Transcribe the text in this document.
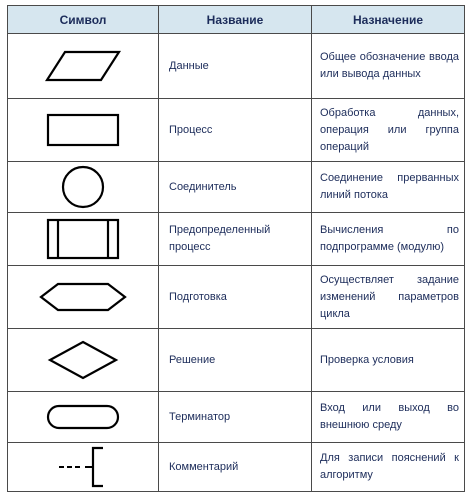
Символ	Название	Назначение

	Данные	Общее обозначение ввода или вывода данных

	Процесс	Обработка данных, операция или группа операций

	Соединитель	Соединение прерванных линий потока

	Предопределенный процесс	Вычисления по подпрограмме (модулю)

	Подготовка	Осуществляет задание изменений параметров цикла

	Решение	Проверка условия

	Терминатор	Вход или выход во внешнюю среду

	Комментарий	Для записи пояснений к алгоритму
